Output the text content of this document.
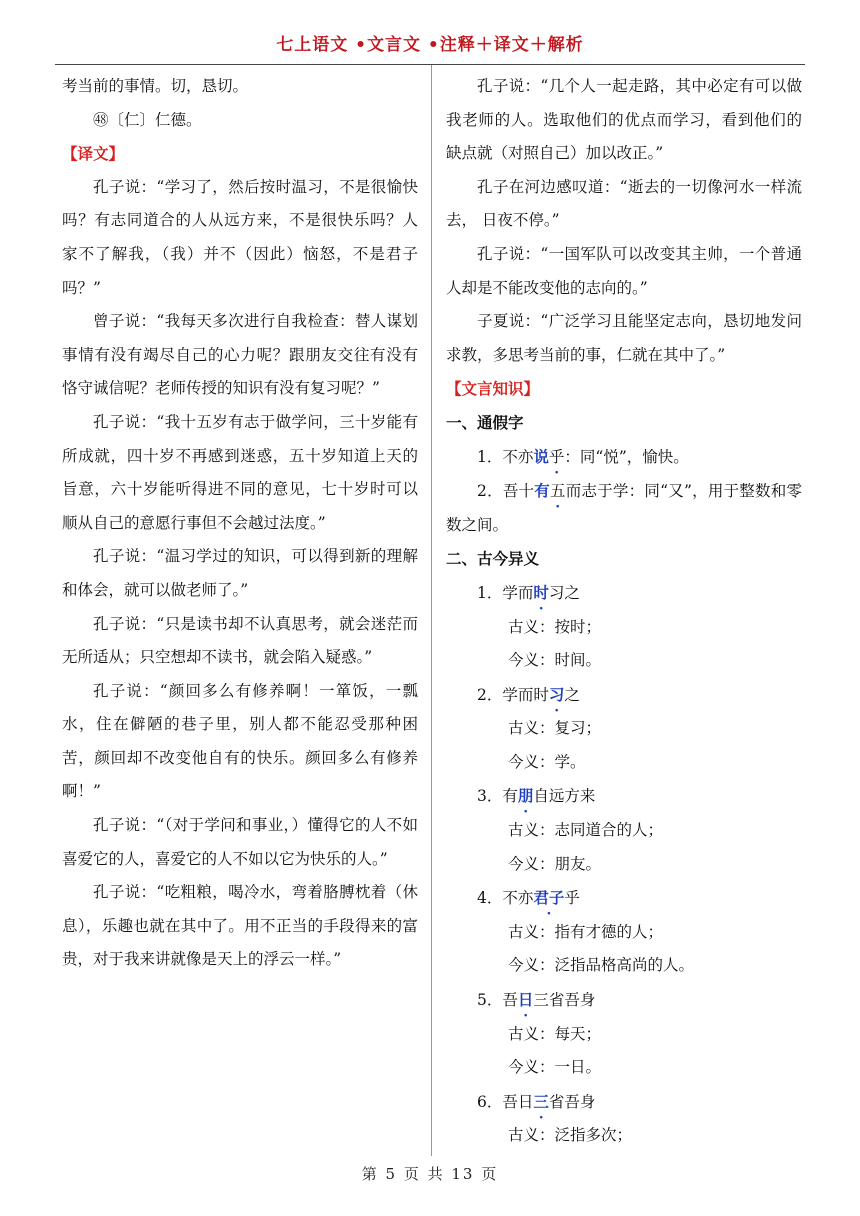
七上语文 •文言文 •注释＋译文＋解析

考当前的事情。切，恳切。

㊽〔仁〕仁德。

【译文】

孔子说：“学习了，然后按时温习，不是很愉快吗？有志同道合的人从远方来，不是很快乐吗？人家不了解我，（我）并不（因此）恼怒，不是君子吗？”

曾子说：“我每天多次进行自我检查：替人谋划事情有没有竭尽自己的心力呢？跟朋友交往有没有恪守诚信呢？老师传授的知识有没有复习呢？”

孔子说：“我十五岁有志于做学问，三十岁能有所成就，四十岁不再感到迷惑，五十岁知道上天的旨意，六十岁能听得进不同的意见，七十岁时可以顺从自己的意愿行事但不会越过法度。”

孔子说：“温习学过的知识，可以得到新的理解和体会，就可以做老师了。”

孔子说：“只是读书却不认真思考，就会迷茫而无所适从；只空想却不读书，就会陷入疑惑。”

孔子说：“颜回多么有修养啊！一箪饭，一瓢水，住在僻陋的巷子里，别人都不能忍受那种困苦，颜回却不改变他自有的快乐。颜回多么有修养啊！”

孔子说：“（对于学问和事业，）懂得它的人不如喜爱它的人，喜爱它的人不如以它为快乐的人。”

孔子说：“吃粗粮，喝冷水，弯着胳膊枕着（休息），乐趣也就在其中了。用不正当的手段得来的富贵，对于我来讲就像是天上的浮云一样。”

孔子说：“几个人一起走路，其中必定有可以做我老师的人。选取他们的优点而学习，看到他们的缺点就（对照自己）加以改正。”

孔子在河边感叹道：“逝去的一切像河水一样流去， 日夜不停。”

孔子说：“一国军队可以改变其主帅，一个普通人却是不能改变他的志向的。”

子夏说：“广泛学习且能坚定志向，恳切地发问求教，多思考当前的事，仁就在其中了。”

【文言知识】

一、通假字

1．不亦说乎：同“悦”，愉快。

2．吾十有五而志于学：同“又”，用于整数和零数之间。

二、古今异义

1．学而时习之

古义：按时；

今义：时间。

2．学而时习之

古义：复习；

今义：学。

3．有朋自远方来

古义：志同道合的人；

今义：朋友。

4．不亦君子乎

古义：指有才德的人；

今义：泛指品格高尚的人。

5．吾日三省吾身

古义：每天；

今义：一日。

6．吾日三省吾身

古义：泛指多次；

第 5 页 共 13 页
